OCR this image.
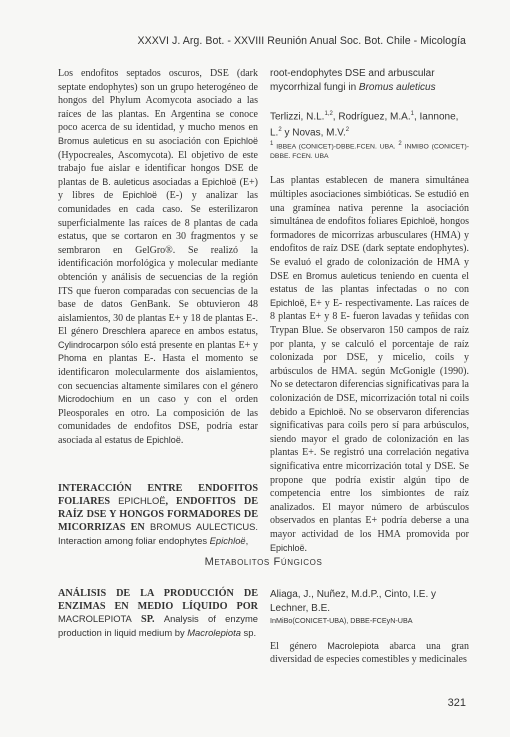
XXXVI J. Arg. Bot. - XXVIII Reunión Anual Soc. Bot. Chile - Micología

Los endofitos septados oscuros, DSE (dark septate endophytes) son un grupo heterogéneo de hongos del Phylum Acomycota asociado a las raíces de las plantas. En Argentina se conoce poco acerca de su identidad, y mucho menos en Bromus auleticus en su asociación con Epichloë (Hypocreales, Ascomycota). El objetivo de este trabajo fue aislar e identificar hongos DSE de plantas de B. auleticus asociadas a Epichloë (E+) y libres de Epichloë (E-) y analizar las comunidades en cada caso. Se esterilizaron superficialmente las raíces de 8 plantas de cada estatus, que se cortaron en 30 fragmentos y se sembraron en GelGro®. Se realizó la identificación morfológica y molecular mediante obtención y análisis de secuencias de la región ITS que fueron comparadas con secuencias de la base de datos GenBank. Se obtuvieron 48 aislamientos, 30 de plantas E+ y 18 de plantas E-. El género Dreschlera aparece en ambos estatus, Cylindrocarpon sólo está presente en plantas E+ y Phoma en plantas E-. Hasta el momento se identificaron molecularmente dos aislamientos, con secuencias altamente similares con el género Microdochium en un caso y con el orden Pleosporales en otro. La composición de las comunidades de endofitos DSE, podría estar asociada al estatus de Epichloë.

INTERACCIÓN ENTRE ENDOFITOS FOLIARES EPICHLOË, ENDOFITOS DE RAÍZ DSE Y HONGOS FORMADORES DE MICORRIZAS EN BROMUS AULECTICUS. Interaction among foliar endophytes Epichloë,

root-endophytes DSE and arbuscular mycorrhizal fungi in Bromus auleticus

Terlizzi, N.L.$^{1,2}$, Rodríguez, M.A.$^1$, Iannone, L.$^2$ y Novas, M.V.$^2$

$^1$ IBBEA (CONICET)-DBBE.FCEN. UBA. $^2$ INMIBO (CONICET)-DBBE. FCEN. UBA

Las plantas establecen de manera simultánea múltiples asociaciones simbióticas. Se estudió en una gramínea nativa perenne la asociación simultánea de endofitos foliares Epichloë, hongos formadores de micorrizas arbusculares (HMA) y endofitos de raíz DSE (dark septate endophytes). Se evaluó el grado de colonización de HMA y DSE en Bromus auleticus teniendo en cuenta el estatus de las plantas infectadas o no con Epichloë, E+ y E- respectivamente. Las raíces de 8 plantas E+ y 8 E- fueron lavadas y teñidas con Trypan Blue. Se observaron 150 campos de raíz por planta, y se calculó el porcentaje de raíz colonizada por DSE, y micelio, coils y arbúsculos de HMA. según McGonigle (1990). No se detectaron diferencias significativas para la colonización de DSE, micorrización total ni coils debido a Epichloë. No se observaron diferencias significativas para coils pero sí para arbúsculos, siendo mayor el grado de colonización en las plantas E+. Se registró una correlación negativa significativa entre micorrización total y DSE. Se propone que podría existir algún tipo de competencia entre los simbiontes de raíz analizados. El mayor número de arbúsculos observados en plantas E+ podría deberse a una mayor actividad de los HMA promovida por Epichloë.

Metabolitos Fúngicos

ANÁLISIS DE LA PRODUCCIÓN DE ENZIMAS EN MEDIO LÍQUIDO POR MACROLEPIOTA SP. Analysis of enzyme production in liquid medium by Macrolepiota sp.

Aliaga, J., Nuñez, M.d.P., Cinto, I.E. y Lechner, B.E.

InMiBo(CONICET-UBA), DBBE-FCEyN-UBA

El género Macrolepiota abarca una gran diversidad de especies comestibles y medicinales

321
